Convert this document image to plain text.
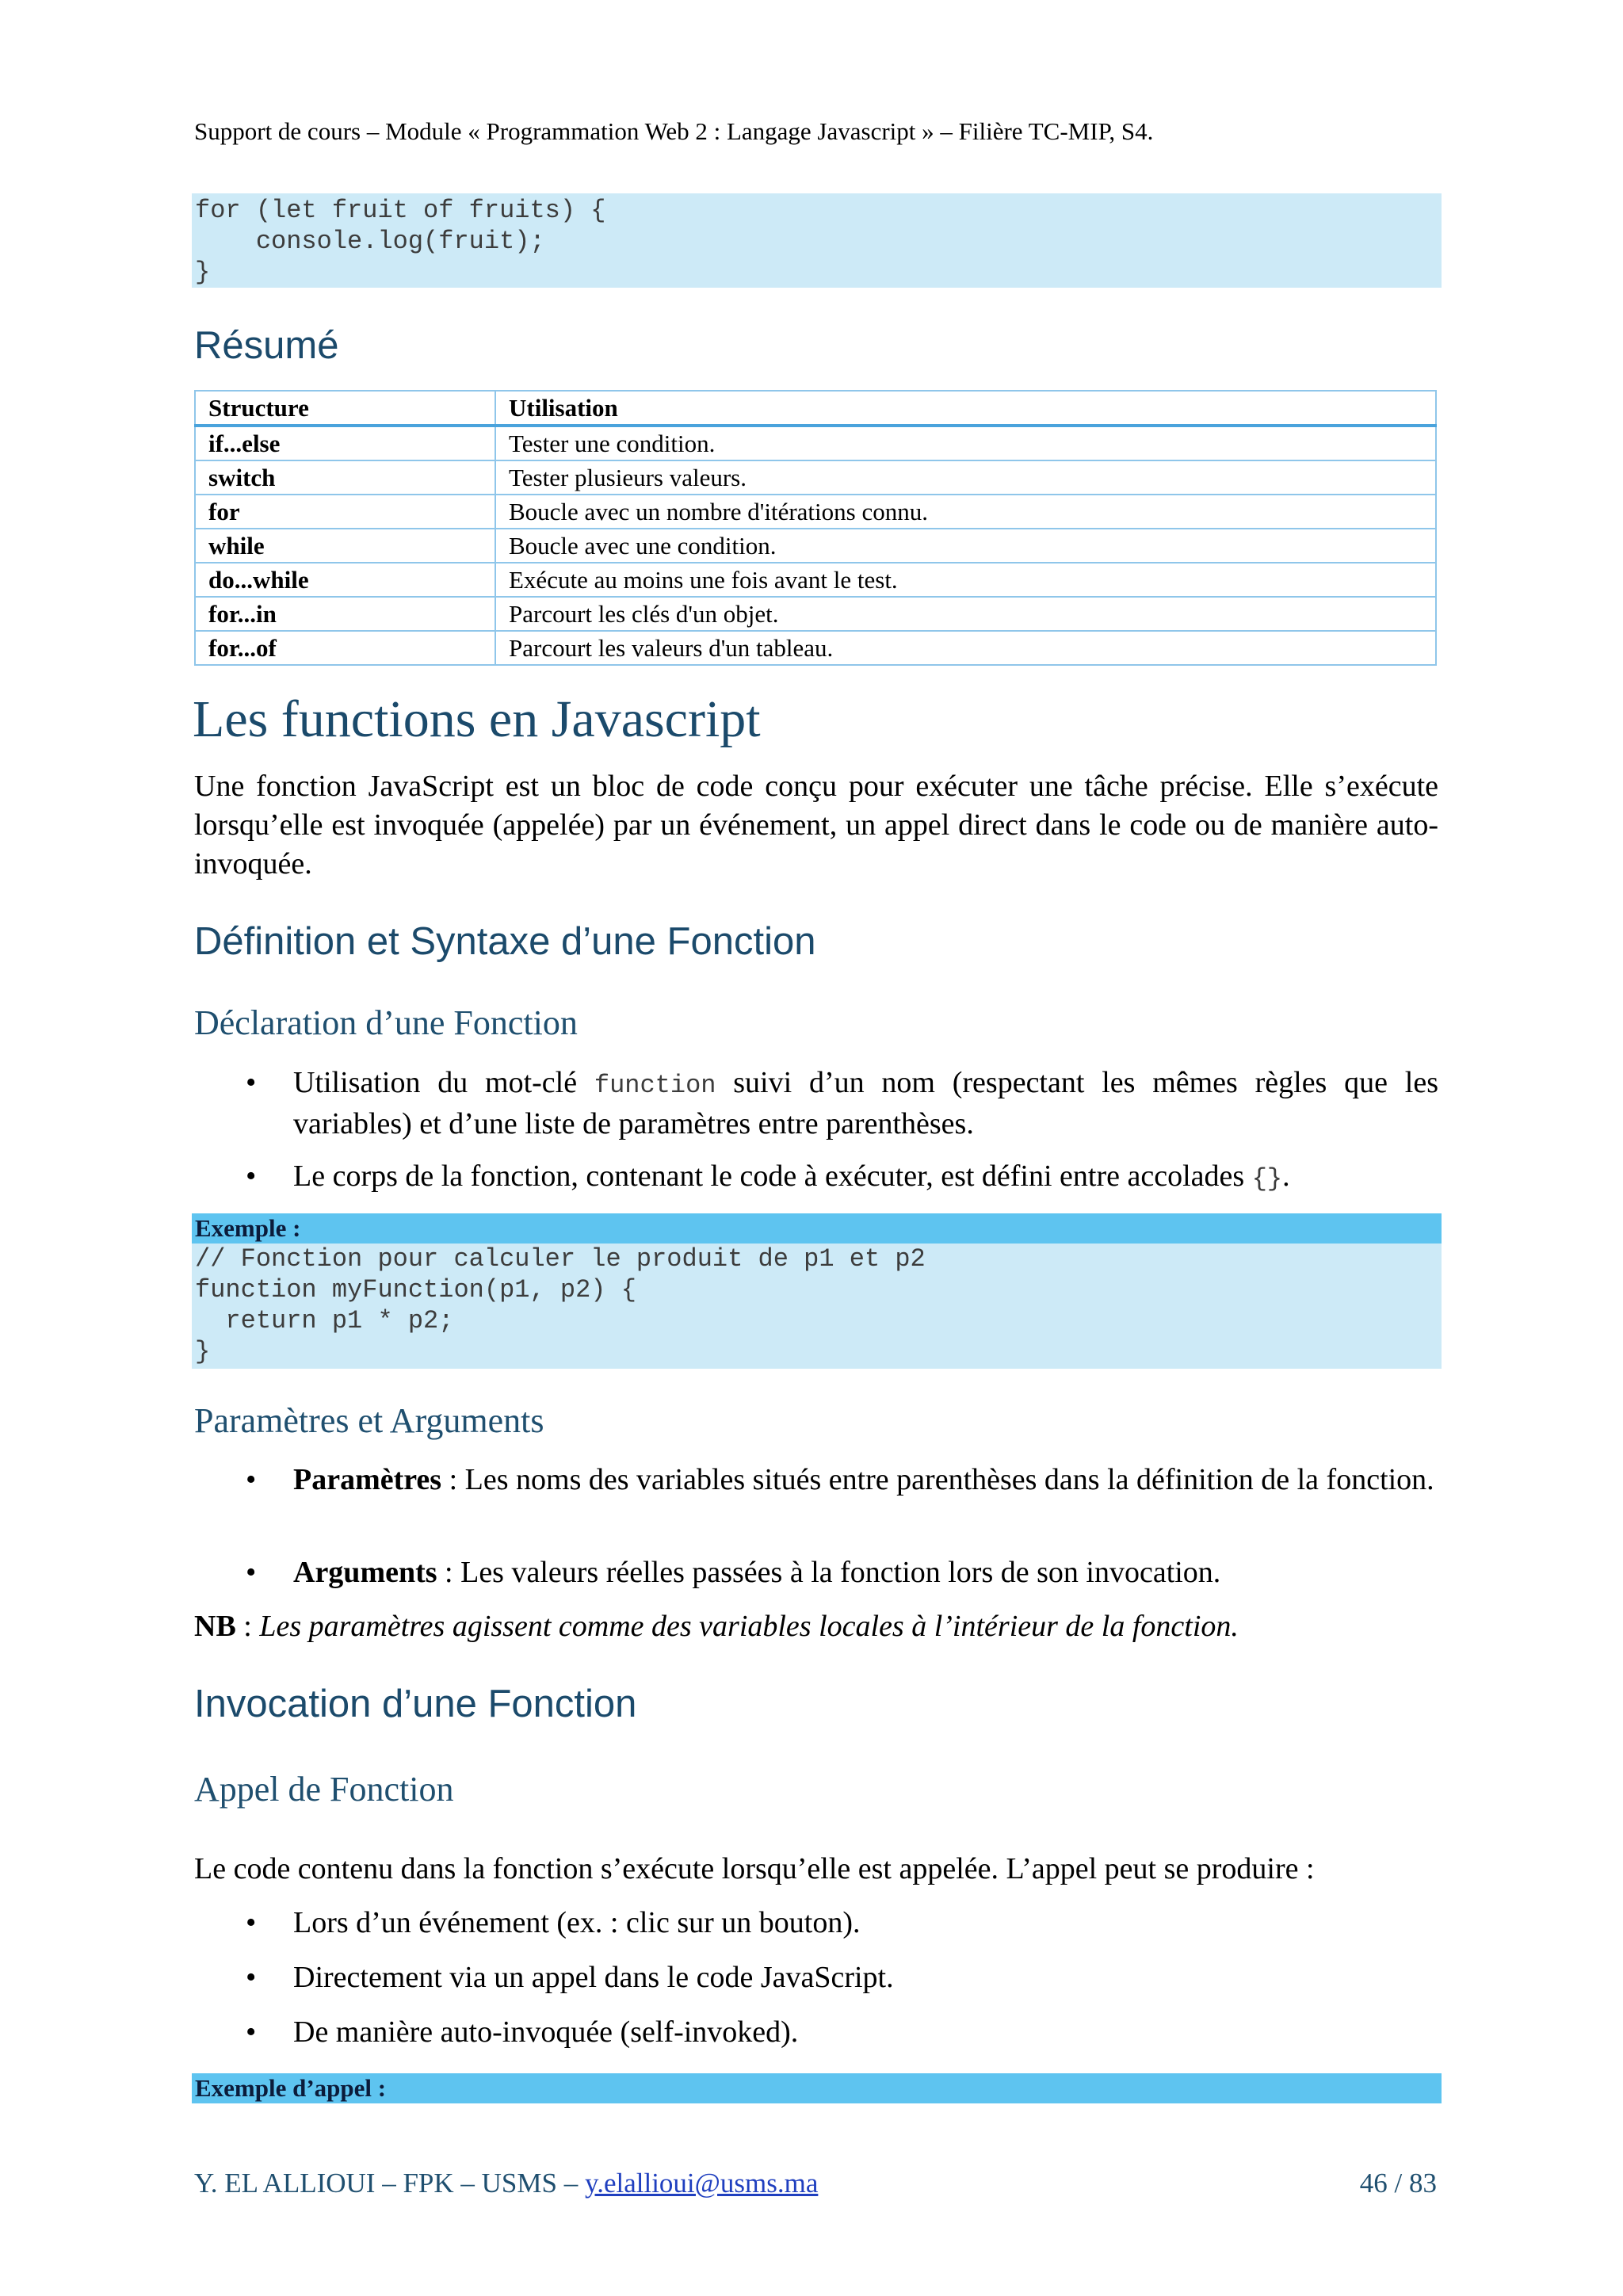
Support de cours – Module « Programmation Web 2 : Langage Javascript » – Filière TC-MIP, S4.
for (let fruit of fruits) {
console.log(fruit);
}
Résumé
Structure	Utilisation
if...else	Tester une condition.
switch	Tester plusieurs valeurs.
for	Boucle avec un nombre d'itérations connu.
while	Boucle avec une condition.
do...while	Exécute au moins une fois avant le test.
for...in	Parcourt les clés d'un objet.
for...of	Parcourt les valeurs d'un tableau.
Les functions en Javascript
Une fonction JavaScript est un bloc de code conçu pour exécuter une tâche précise. Elle s’exécute lorsqu’elle est invoquée (appelée) par un événement, un appel direct dans le code ou de manière auto-invoquée.
Définition et Syntaxe d’une Fonction
Déclaration d’une Fonction
• Utilisation du mot-clé function suivi d’un nom (respectant les mêmes règles que les variables) et d’une liste de paramètres entre parenthèses.
• Le corps de la fonction, contenant le code à exécuter, est défini entre accolades {}.
Exemple :
// Fonction pour calculer le produit de p1 et p2
function myFunction(p1, p2) {
return p1 * p2;
}
Paramètres et Arguments
• Paramètres : Les noms des variables situés entre parenthèses dans la définition de la fonction.
• Arguments : Les valeurs réelles passées à la fonction lors de son invocation.
NB : Les paramètres agissent comme des variables locales à l’intérieur de la fonction.
Invocation d’une Fonction
Appel de Fonction
Le code contenu dans la fonction s’exécute lorsqu’elle est appelée. L’appel peut se produire :
• Lors d’un événement (ex. : clic sur un bouton).
• Directement via un appel dans le code JavaScript.
• De manière auto-invoquée (self-invoked).
Exemple d’appel :
Y. EL ALLIOUI – FPK – USMS – y.elallioui@usms.ma	46 / 83
